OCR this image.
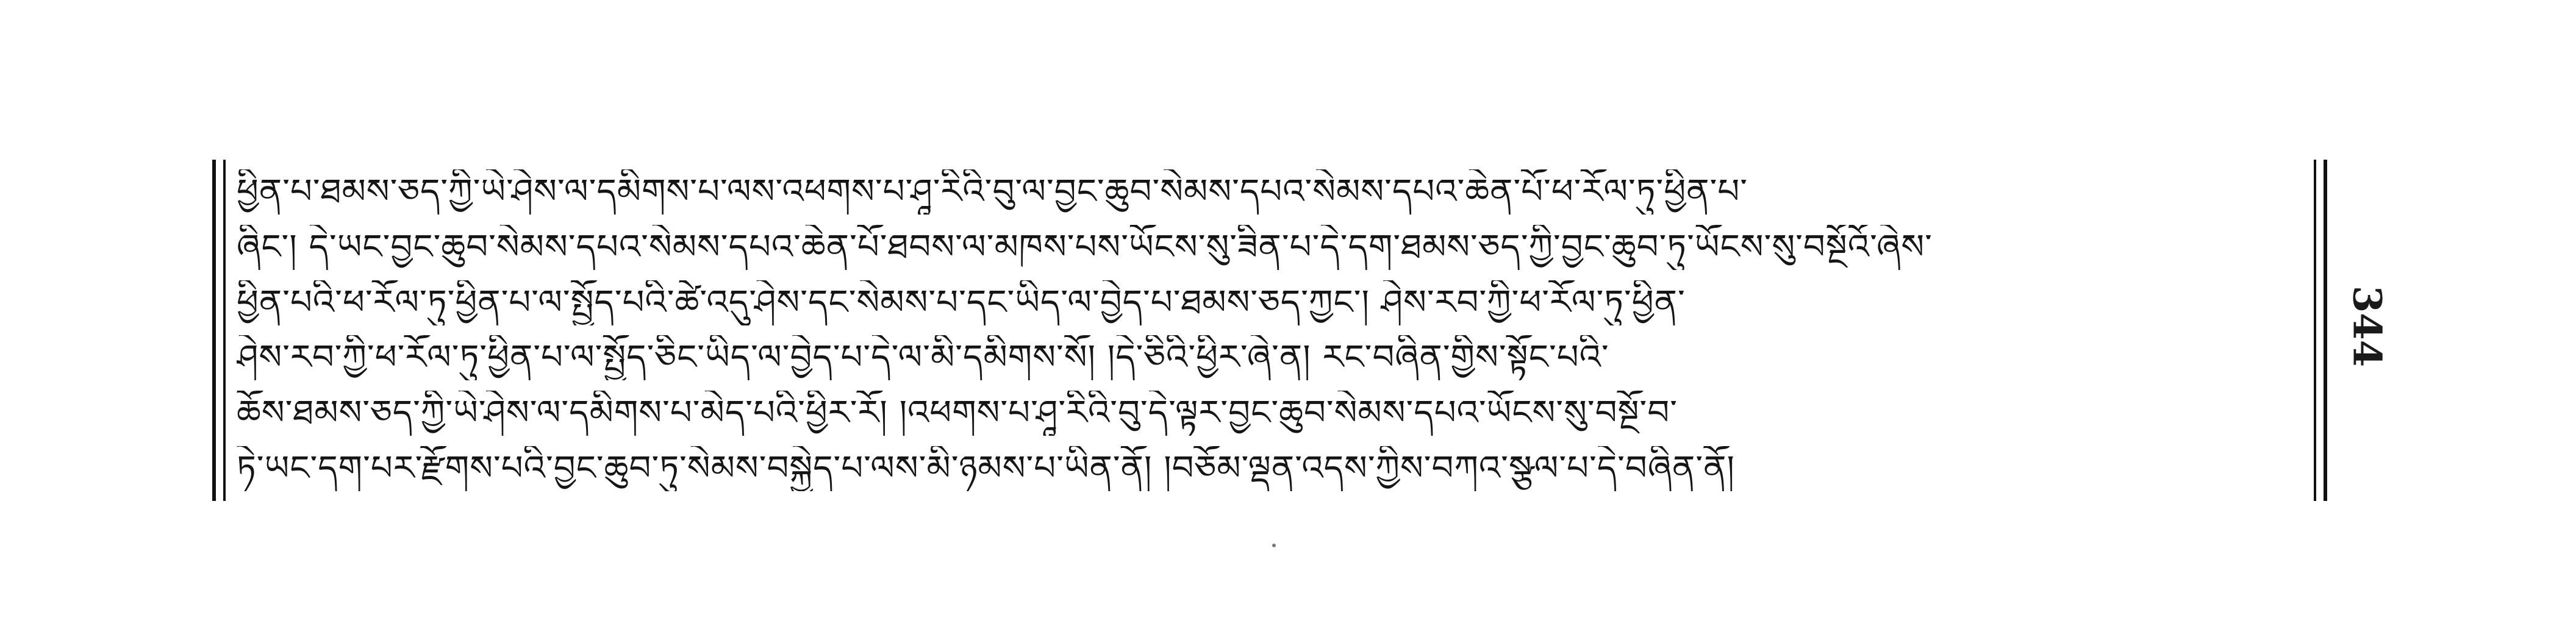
ཕྱིན་པ་ཐམས་ཅད་ཀྱི་ཡེ་ཤེས་ལ་དམིགས་པ་ལས་འཕགས་པ་ཤཱ་རིའི་བུ་ལ་བྱང་ཆུབ་སེམས་དཔའ་སེམས་དཔའ་ཆེན་པོ་ཕ་རོལ་ཏུ་ཕྱིན་པ་
ཞིང་། དེ་ཡང་བྱང་ཆུབ་སེམས་དཔའ་སེམས་དཔའ་ཆེན་པོ་ཐབས་ལ་མཁས་པས་ཡོངས་སུ་ཟིན་པ་དེ་དག་ཐམས་ཅད་ཀྱི་བྱང་ཆུབ་ཏུ་ཡོངས་སུ་བསྔོའོ་ཞེས་
ཕྱིན་པའི་ཕ་རོལ་ཏུ་ཕྱིན་པ་ལ་སྤྱོད་པའི་ཚེ་འདུ་ཤེས་དང་སེམས་པ་དང་ཡིད་ལ་བྱེད་པ་ཐམས་ཅད་ཀྱང་། ཤེས་རབ་ཀྱི་ཕ་རོལ་ཏུ་ཕྱིན་
ཤེས་རབ་ཀྱི་ཕ་རོལ་ཏུ་ཕྱིན་པ་ལ་སྤྱོད་ཅིང་ཡིད་ལ་བྱེད་པ་དེ་ལ་མི་དམིགས་སོ། །དེ་ཅིའི་ཕྱིར་ཞེ་ན། རང་བཞིན་གྱིས་སྟོང་པའི་
ཆོས་ཐམས་ཅད་ཀྱི་ཡེ་ཤེས་ལ་དམིགས་པ་མེད་པའི་ཕྱིར་རོ། །འཕགས་པ་ཤཱ་རིའི་བུ་དེ་ལྟར་བྱང་ཆུབ་སེམས་དཔའ་ཡོངས་སུ་བསྔོ་བ་
ཏེ་ཡང་དག་པར་རྫོགས་པའི་བྱང་ཆུབ་ཏུ་སེམས་བསྐྱེད་པ་ལས་མི་ཉམས་པ་ཡིན་ནོ། །བཅོམ་ལྡན་འདས་ཀྱིས་བཀའ་སྩལ་པ་དེ་བཞིན་ནོ།
344
